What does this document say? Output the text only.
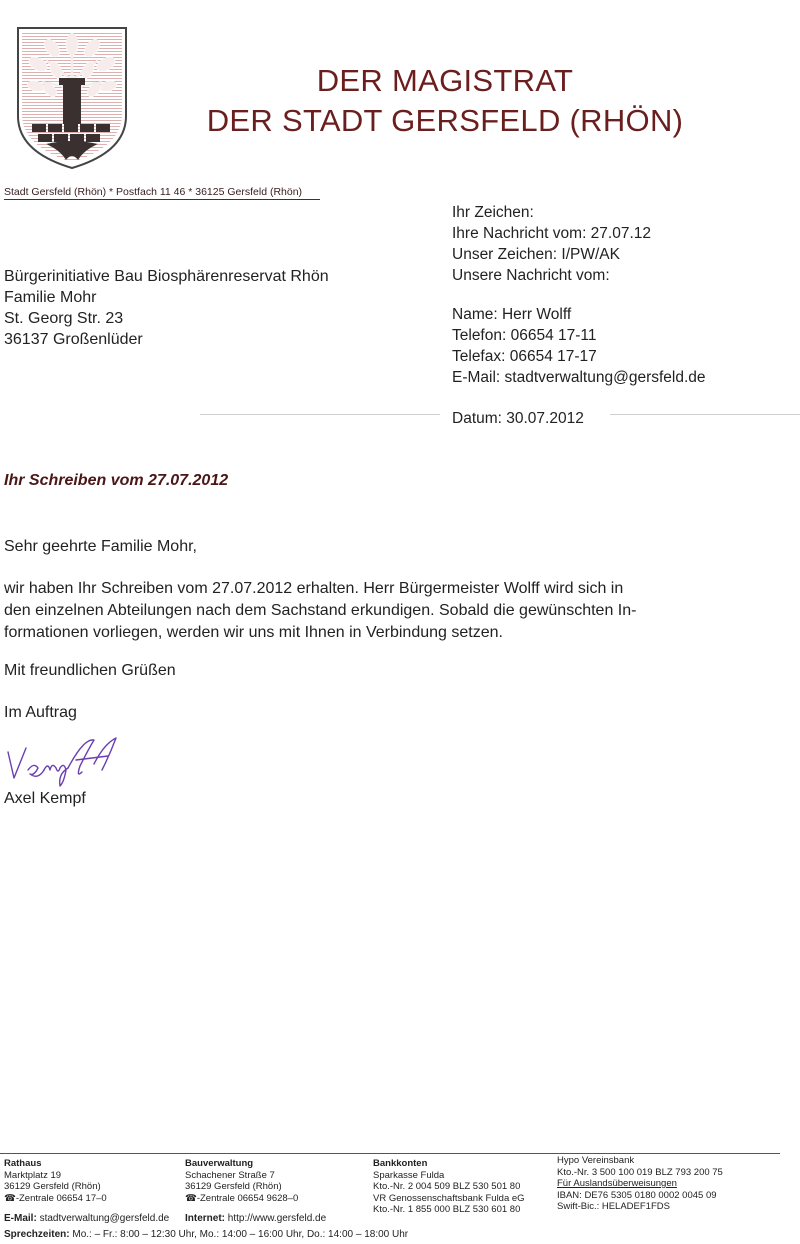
DER MAGISTRAT
DER STADT GERSFELD (RHÖN)
Stadt Gersfeld (Rhön) * Postfach 11 46 * 36125 Gersfeld (Rhön)
Bürgerinitiative Bau Biosphärenreservat Rhön
Familie Mohr
St. Georg Str. 23
36137 Großenlüder
Ihr Zeichen:
Ihre Nachricht vom: 27.07.12
Unser Zeichen: I/PW/AK
Unsere Nachricht vom:
Name: Herr Wolff
Telefon: 06654 17-11
Telefax: 06654 17-17
E-Mail: stadtverwaltung@gersfeld.de
Datum: 30.07.2012
Ihr Schreiben vom 27.07.2012
Sehr geehrte Familie Mohr,
wir haben Ihr Schreiben vom 27.07.2012 erhalten. Herr Bürgermeister Wolff wird sich in
den einzelnen Abteilungen nach dem Sachstand erkundigen. Sobald die gewünschten In-
formationen vorliegen, werden wir uns mit Ihnen in Verbindung setzen.
Mit freundlichen Grüßen
Im Auftrag
Axel Kempf
Rathaus
Marktplatz 19
36129 Gersfeld (Rhön)
☎-Zentrale 06654 17–0
Bauverwaltung
Schachener Straße 7
36129 Gersfeld (Rhön)
☎-Zentrale 06654 9628–0
Bankkonten
Sparkasse Fulda
Kto.-Nr. 2 004 509 BLZ 530 501 80
VR Genossenschaftsbank Fulda eG
Kto.-Nr. 1 855 000 BLZ 530 601 80
Hypo Vereinsbank
Kto.-Nr. 3 500 100 019 BLZ 793 200 75
Für Auslandsüberweisungen
IBAN: DE76 5305 0180 0002 0045 09
Swift-Bic.: HELADEF1FDS
E-Mail: stadtverwaltung@gersfeld.de Internet: http://www.gersfeld.de
Sprechzeiten: Mo.: – Fr.: 8:00 – 12:30 Uhr, Mo.: 14:00 – 16:00 Uhr, Do.: 14:00 – 18:00 Uhr
